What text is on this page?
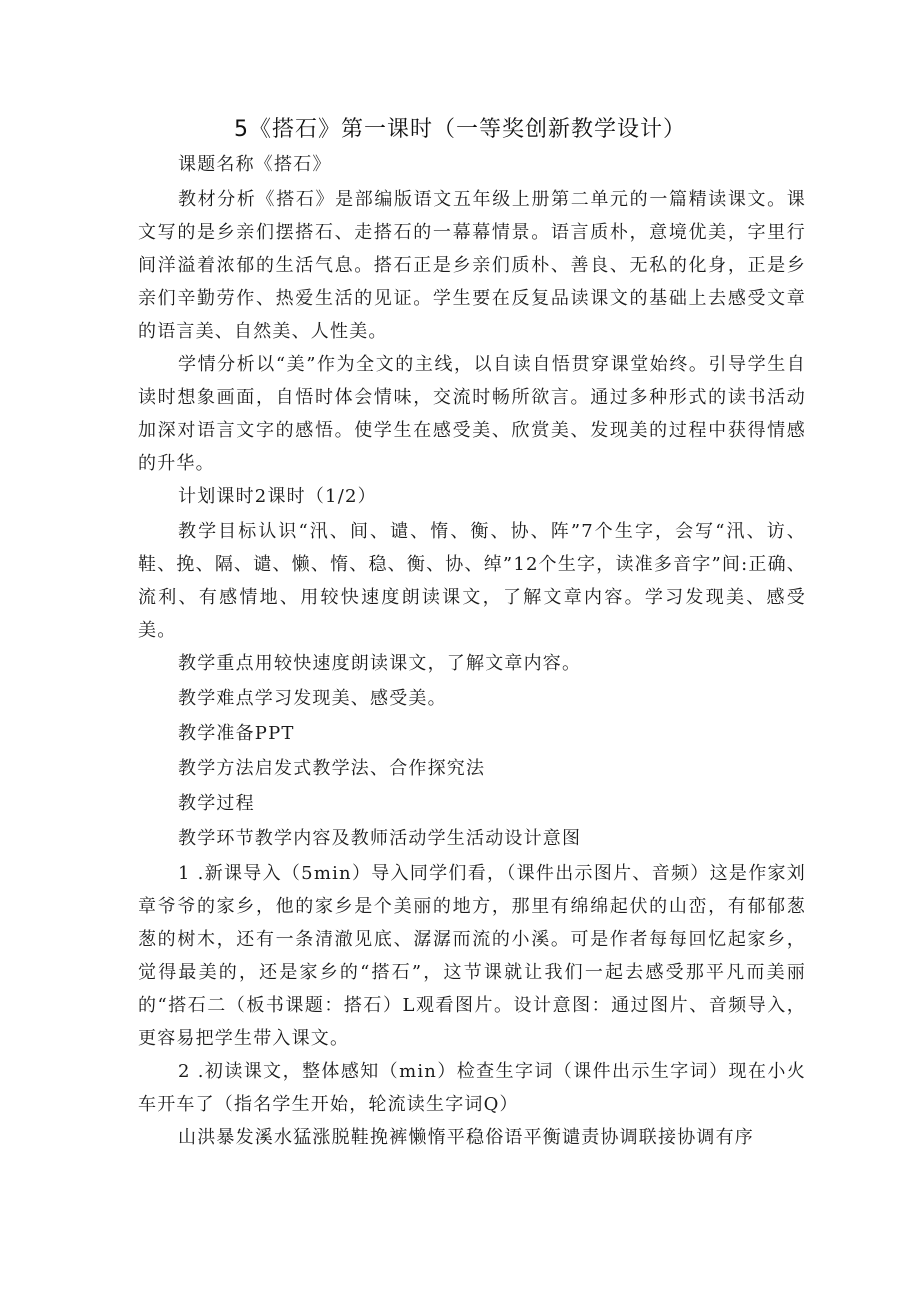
5《搭石》第一课时（一等奖创新教学设计）

课题名称《搭石》

教材分析《搭石》是部编版语文五年级上册第二单元的一篇精读课文。课文写的是乡亲们摆搭石、走搭石的一幕幕情景。语言质朴，意境优美，字里行间洋溢着浓郁的生活气息。搭石正是乡亲们质朴、善良、无私的化身，正是乡亲们辛勤劳作、热爱生活的见证。学生要在反复品读课文的基础上去感受文章的语言美、自然美、人性美。

学情分析以“美”作为全文的主线，以自读自悟贯穿课堂始终。引导学生自读时想象画面，自悟时体会情味，交流时畅所欲言。通过多种形式的读书活动加深对语言文字的感悟。使学生在感受美、欣赏美、发现美的过程中获得情感的升华。

计划课时2课时（1/2）

教学目标认识“汛、间、谴、惰、衡、协、阵”7个生字，会写“汛、访、鞋、挽、隔、谴、懒、惰、稳、衡、协、绰”12个生字，读准多音字”间:正确、流利、有感情地、用较快速度朗读课文，了解文章内容。学习发现美、感受美。

教学重点用较快速度朗读课文，了解文章内容。

教学难点学习发现美、感受美。

教学准备PPT

教学方法启发式教学法、合作探究法

教学过程

教学环节教学内容及教师活动学生活动设计意图

1 .新课导入（5min）导入同学们看，（课件出示图片、音频）这是作家刘章爷爷的家乡，他的家乡是个美丽的地方，那里有绵绵起伏的山峦，有郁郁葱葱的树木，还有一条清澈见底、潺潺而流的小溪。可是作者每每回忆起家乡，觉得最美的，还是家乡的“搭石”，这节课就让我们一起去感受那平凡而美丽的“搭石二（板书课题：搭石）L观看图片。设计意图：通过图片、音频导入，更容易把学生带入课文。

2 .初读课文，整体感知（min）检查生字词（课件出示生字词）现在小火车开车了（指名学生开始，轮流读生字词Q）

山洪暴发溪水猛涨脱鞋挽裤懒惰平稳俗语平衡谴责协调联接协调有序
